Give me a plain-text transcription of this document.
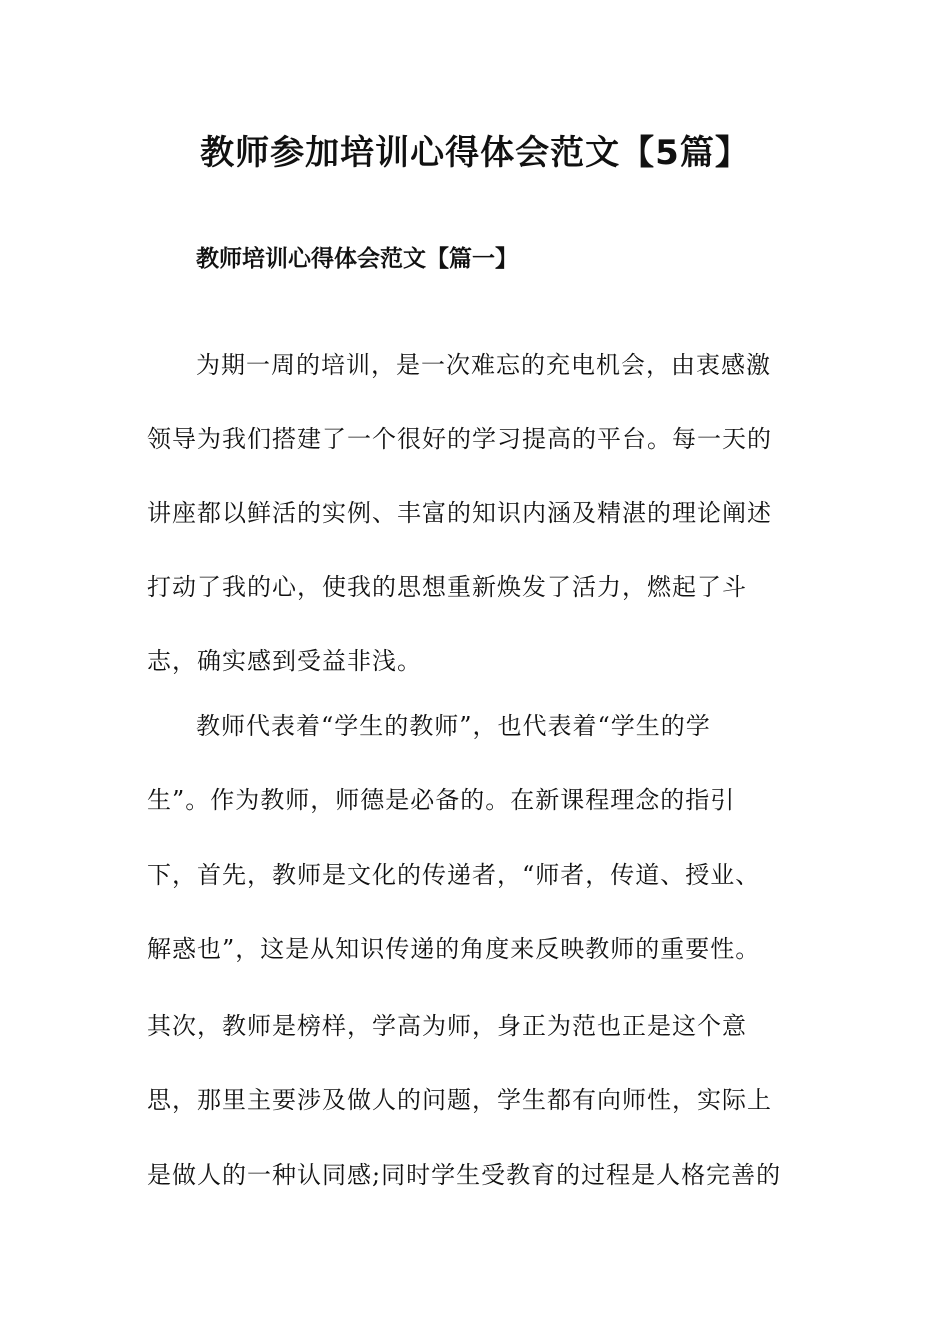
教师参加培训心得体会范文【5篇】
教师培训心得体会范文【篇一】
为期一周的培训，是一次难忘的充电机会，由衷感激
领导为我们搭建了一个很好的学习提高的平台。每一天的
讲座都以鲜活的实例、丰富的知识内涵及精湛的理论阐述
打动了我的心，使我的思想重新焕发了活力，燃起了斗
志，确实感到受益非浅。
教师代表着“学生的教师”，也代表着“学生的学
生”。作为教师，师德是必备的。在新课程理念的指引
下，首先，教师是文化的传递者，“师者，传道、授业、
解惑也”，这是从知识传递的角度来反映教师的重要性。
其次，教师是榜样，学高为师，身正为范也正是这个意
思，那里主要涉及做人的问题，学生都有向师性，实际上
是做人的一种认同感;同时学生受教育的过程是人格完善的
